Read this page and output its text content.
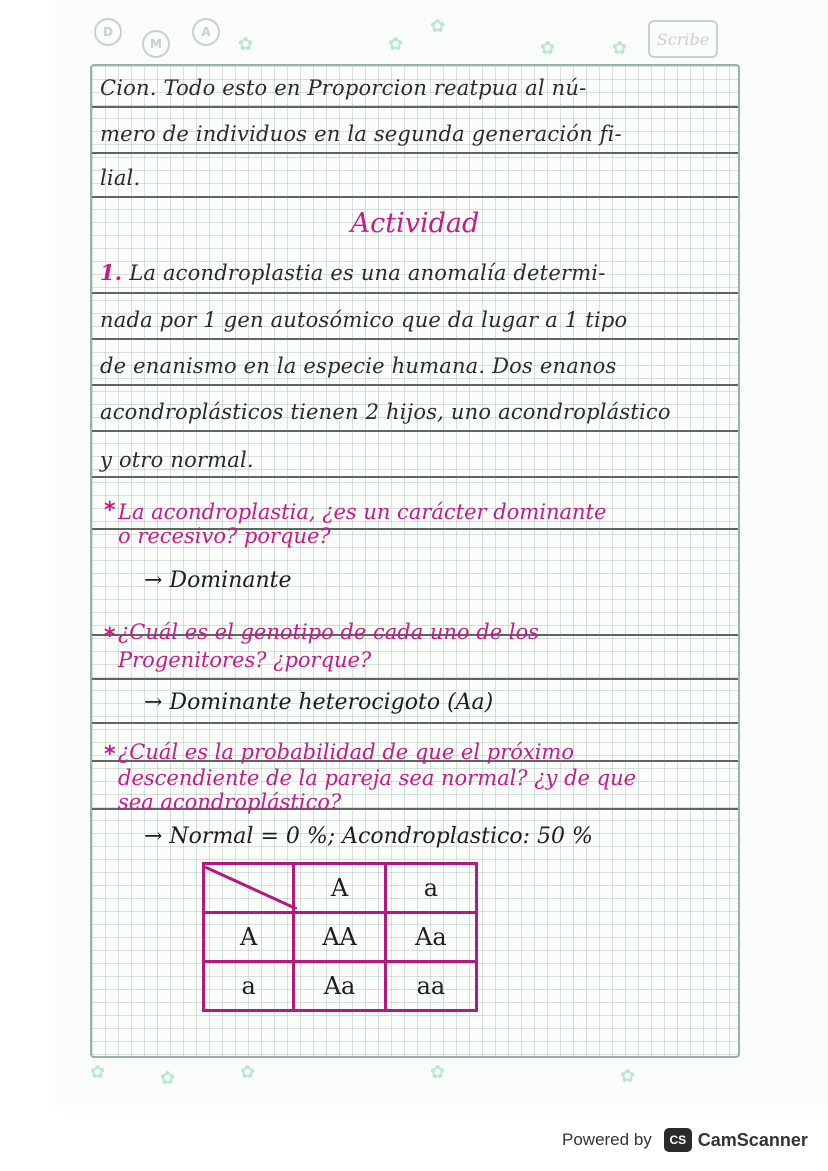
D
M
A	Scribe
✿	✿
✿
✿	✿
✿	✿	✿	✿	✿
Cion. Todo esto en Proporcion reatpua al nú-
mero de individuos en la segunda generación fi-
lial.
Actividad
1. La acondroplastia es una anomalía determi-
nada por 1 gen autosómico que da lugar a 1 tipo
de enanismo en la especie humana. Dos enanos
acondroplásticos tienen 2 hijos, uno acondroplástico
y otro normal.
* La acondroplastia, ¿es un carácter dominante
o recesivo? porque?
→ Dominante
* ¿Cuál es el genotipo de cada uno de los
Progenitores? ¿porque?
→ Dominante heterocigoto (Aa)
* ¿Cuál es la probabilidad de que el próximo
descendiente de la pareja sea normal? ¿y de que
sea acondroplástico?
→ Normal = 0 %; Acondroplastico: 50 %
	A	a
A	AA	Aa
a	Aa	aa
Powered by	CS CamScanner
